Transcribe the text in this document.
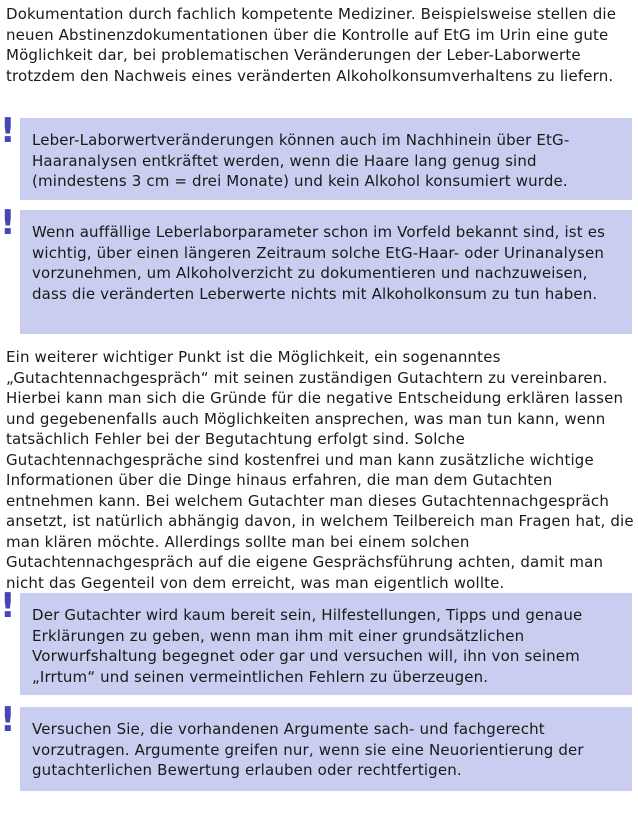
Dokumentation durch fachlich kompetente Mediziner. Beispielsweise stellen die neuen Abstinenzdokumentationen über die Kontrolle auf EtG im Urin eine gute Möglichkeit dar, bei problematischen Veränderungen der Leber-Laborwerte trotzdem den Nachweis eines veränderten Alkoholkonsumverhaltens zu liefern.

! Leber-Laborwertveränderungen können auch im Nachhinein über EtG-Haaranalysen entkräftet werden, wenn die Haare lang genug sind (mindestens 3 cm = drei Monate) und kein Alkohol konsumiert wurde.

! Wenn auffällige Leberlaborparameter schon im Vorfeld bekannt sind, ist es wichtig, über einen längeren Zeitraum solche EtG-Haar- oder Urinanalysen vorzunehmen, um Alkoholverzicht zu dokumentieren und nachzuweisen, dass die veränderten Leberwerte nichts mit Alkoholkonsum zu tun haben.

Ein weiterer wichtiger Punkt ist die Möglichkeit, ein sogenanntes „Gutachtennachgespräch“ mit seinen zuständigen Gutachtern zu vereinbaren. Hierbei kann man sich die Gründe für die negative Entscheidung erklären lassen und gegebenenfalls auch Möglichkeiten ansprechen, was man tun kann, wenn tatsächlich Fehler bei der Begutachtung erfolgt sind. Solche Gutachtennachgespräche sind kostenfrei und man kann zusätzliche wichtige Informationen über die Dinge hinaus erfahren, die man dem Gutachten entnehmen kann. Bei welchem Gutachter man dieses Gutachtennachgespräch ansetzt, ist natürlich abhängig davon, in welchem Teilbereich man Fragen hat, die man klären möchte. Allerdings sollte man bei einem solchen Gutachtennachgespräch auf die eigene Gesprächsführung achten, damit man nicht das Gegenteil von dem erreicht, was man eigentlich wollte.

! Der Gutachter wird kaum bereit sein, Hilfestellungen, Tipps und genaue Erklärungen zu geben, wenn man ihm mit einer grundsätzlichen Vorwurfshaltung begegnet oder gar und versuchen will, ihn von seinem „Irrtum“ und seinen vermeintlichen Fehlern zu überzeugen.

! Versuchen Sie, die vorhandenen Argumente sach- und fachgerecht vorzutragen. Argumente greifen nur, wenn sie eine Neuorientierung der gutachterlichen Bewertung erlauben oder rechtfertigen.
